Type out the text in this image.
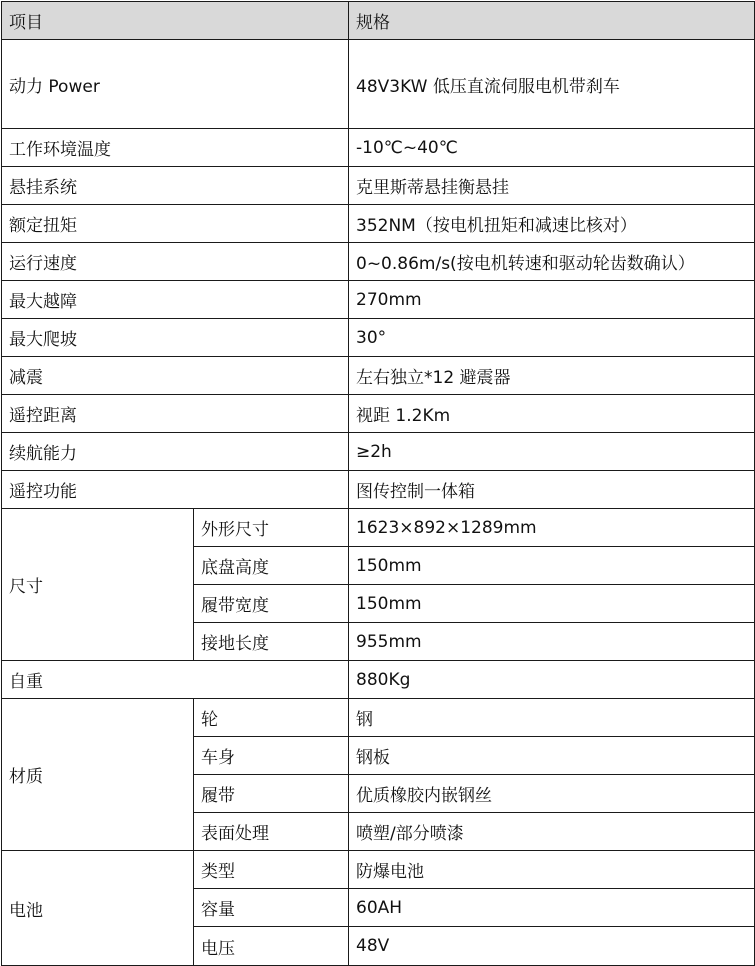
项目		规格
动力 Power		48V3KW 低压直流伺服电机带刹车
工作环境温度		-10℃~40℃
悬挂系统		克里斯蒂悬挂衡悬挂
额定扭矩		352NM（按电机扭矩和减速比核对）
运行速度		0~0.86m/s(按电机转速和驱动轮齿数确认）
最大越障		270mm
最大爬坡		30°
减震		左右独立*12 避震器
遥控距离		视距 1.2Km
续航能力		≥2h
遥控功能		图传控制一体箱
尺寸	外形尺寸	1623×892×1289mm
	底盘高度	150mm
	履带宽度	150mm
	接地长度	955mm
自重		880Kg
材质	轮	钢
	车身	钢板
	履带	优质橡胶内嵌钢丝
	表面处理	喷塑/部分喷漆
电池	类型	防爆电池
	容量	60AH
	电压	48V
